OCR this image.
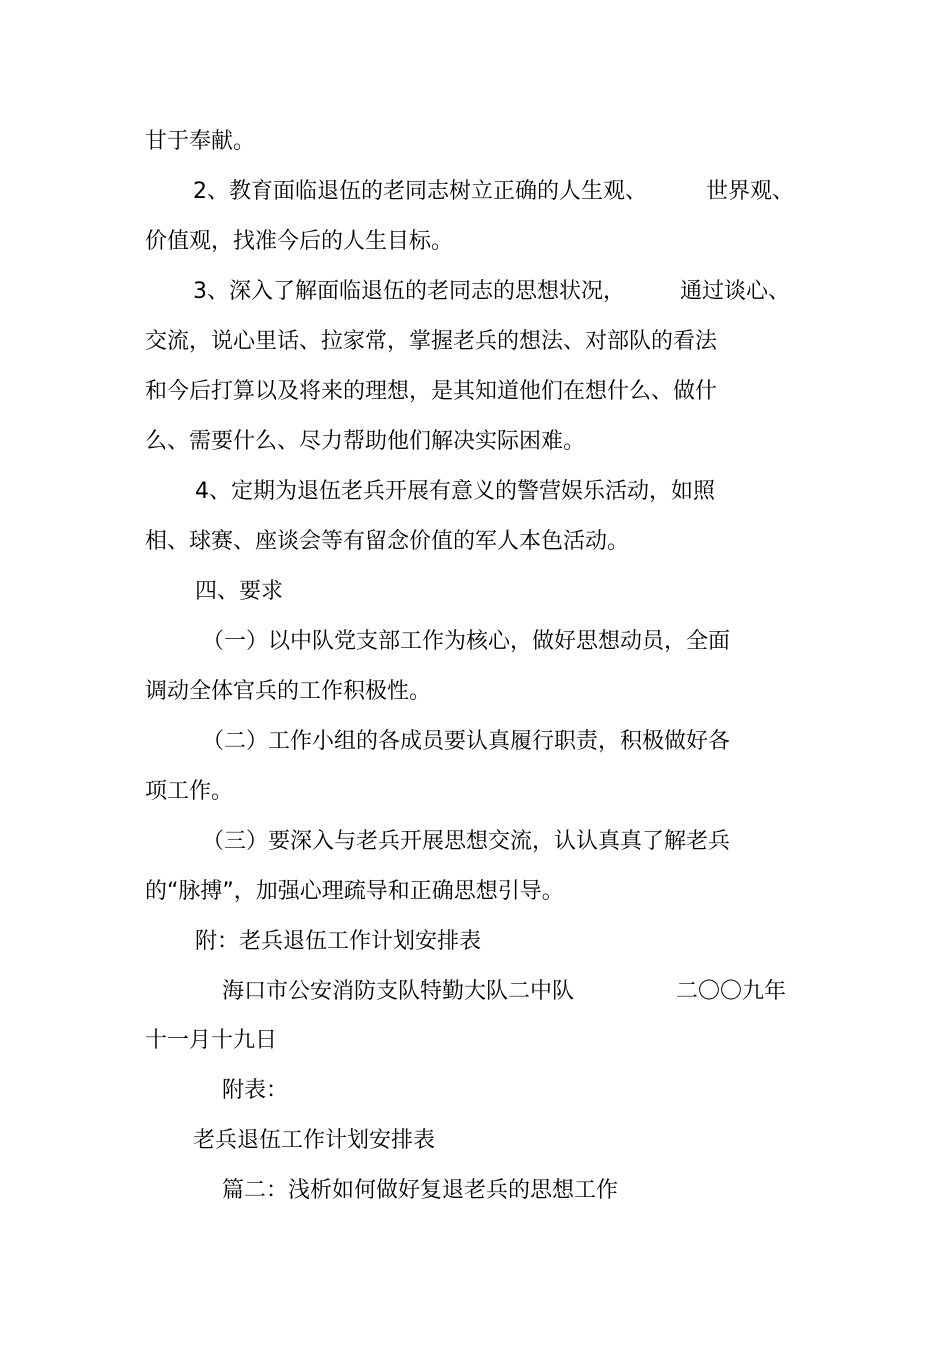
甘于奉献。
2、教育面临退伍的老同志树立正确的人生观、	世界观、
价值观，找准今后的人生目标。
3、深入了解面临退伍的老同志的思想状况，	通过谈心、
交流，说心里话、拉家常，掌握老兵的想法、对部队的看法
和今后打算以及将来的理想，是其知道他们在想什么、做什
么、需要什么、尽力帮助他们解决实际困难。
4、定期为退伍老兵开展有意义的警营娱乐活动，如照
相、球赛、座谈会等有留念价值的军人本色活动。
四、要求
（一）以中队党支部工作为核心，做好思想动员，全面
调动全体官兵的工作积极性。
（二）工作小组的各成员要认真履行职责，积极做好各
项工作。
（三）要深入与老兵开展思想交流，认认真真了解老兵
的“脉搏”，加强心理疏导和正确思想引导。
附：老兵退伍工作计划安排表
海口市公安消防支队特勤大队二中队	二〇〇九年
十一月十九日
附表：
老兵退伍工作计划安排表
篇二：浅析如何做好复退老兵的思想工作
